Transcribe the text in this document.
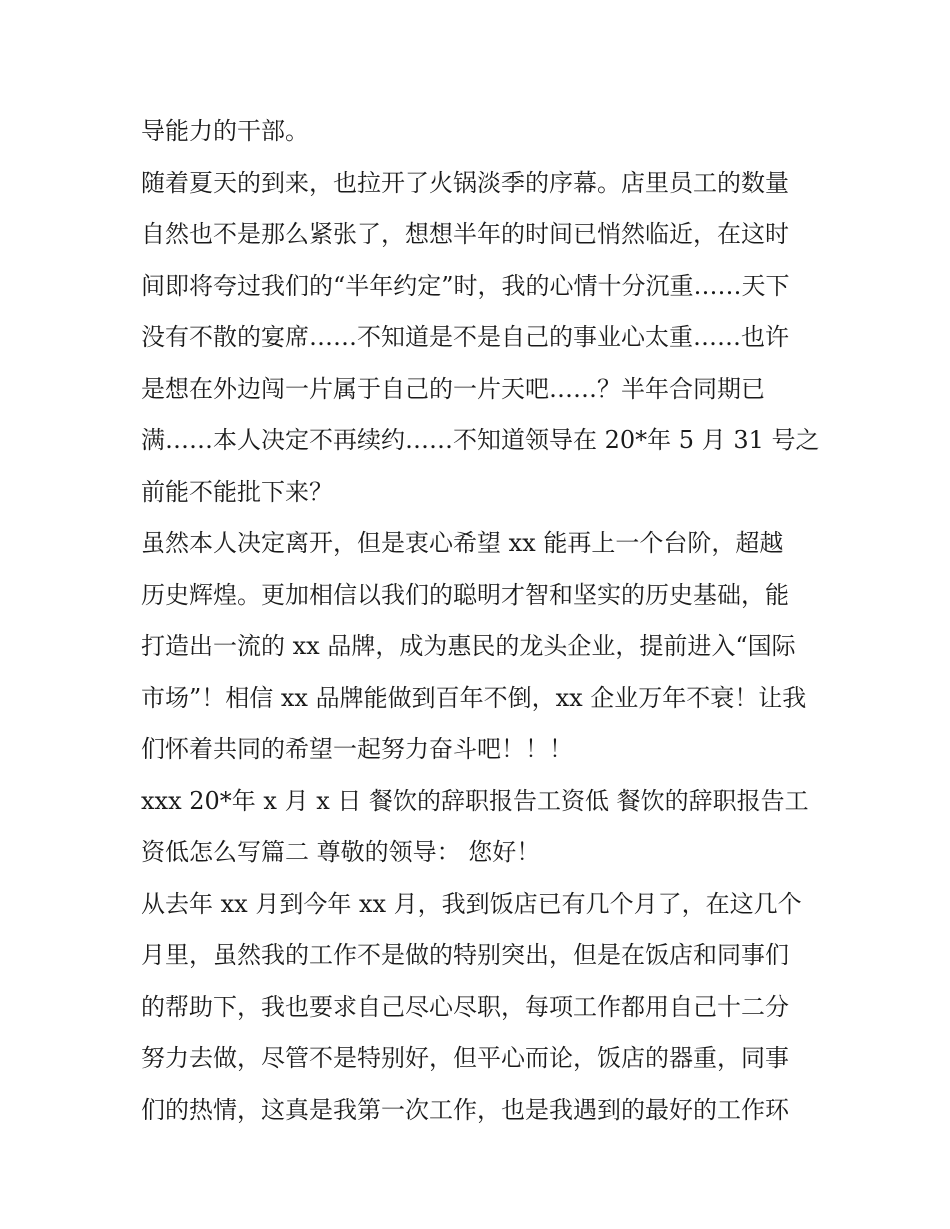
导能力的干部。
随着夏天的到来，也拉开了火锅淡季的序幕。店里员工的数量
自然也不是那么紧张了，想想半年的时间已悄然临近，在这时
间即将夸过我们的“半年约定”时，我的心情十分沉重……天下
没有不散的宴席……不知道是不是自己的事业心太重……也许
是想在外边闯一片属于自己的一片天吧……？半年合同期已
满……本人决定不再续约……不知道领导在 20*年 5 月 31 号之
前能不能批下来？
虽然本人决定离开，但是衷心希望 xx 能再上一个台阶，超越
历史辉煌。更加相信以我们的聪明才智和坚实的历史基础，能
打造出一流的 xx 品牌，成为惠民的龙头企业，提前进入“国际
市场”！相信 xx 品牌能做到百年不倒，xx 企业万年不衰！让我
们怀着共同的希望一起努力奋斗吧！！！
xxx 20*年 x 月 x 日 餐饮的辞职报告工资低 餐饮的辞职报告工
资低怎么写篇二 尊敬的领导： 您好！
从去年 xx 月到今年 xx 月，我到饭店已有几个月了，在这几个
月里，虽然我的工作不是做的特别突出，但是在饭店和同事们
的帮助下，我也要求自己尽心尽职，每项工作都用自己十二分
努力去做，尽管不是特别好，但平心而论，饭店的器重，同事
们的热情，这真是我第一次工作，也是我遇到的最好的工作环
